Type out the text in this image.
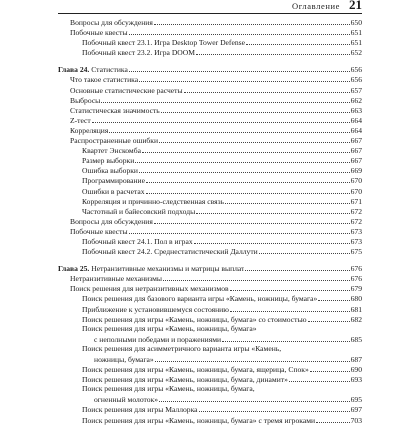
Оглавление 21
Вопросы для обсуждения	650
Побочные квесты	651
Побочный квест 23.1. Игра Desktop Tower Defense	651
Побочный квест 23.2. Игра DOOM	652
Глава 24. Статистика	656
Что такое статистика	656
Основные статистические расчеты	657
Выбросы	662
Статистическая значимость	663
Z-тест	664
Корреляция	664
Распространенные ошибки	667
Квартет Энскомба	667
Размер выборки	667
Ошибка выборки	669
Программирование	670
Ошибки в расчетах	670
Корреляция и причинно-следственная связь	671
Частотный и байесовский подходы	672
Вопросы для обсуждения	672
Побочные квесты	673
Побочный квест 24.1. Пол в играх	673
Побочный квест 24.2. Среднестатистический Даллути	675
Глава 25. Нетранзитивные механизмы и матрицы выплат	676
Нетранзитивные механизмы	676
Поиск решения для нетранзитивных механизмов	679
Поиск решения для базового варианта игры «Камень, ножницы, бумага»	680
Приближение к установившемуся состоянию	681
Поиск решения для игры «Камень, ножницы, бумага» со стоимостью	682
Поиск решения для игры «Камень, ножницы, бумага»
с неполными победами и поражениями	685
Поиск решения для асимметричного варианта игры «Камень,
ножницы, бумага»	687
Поиск решения для игры «Камень, ножницы, бумага, ящерица, Спок»	690
Поиск решения для игры «Камень, ножницы, бумага, динамит»	693
Поиск решения для игры «Камень, ножницы, бумага,
огненный молоток»	695
Поиск решения для игры Маллорка	697
Поиск решения для игры «Камень, ножницы, бумага» с тремя игроками	703
